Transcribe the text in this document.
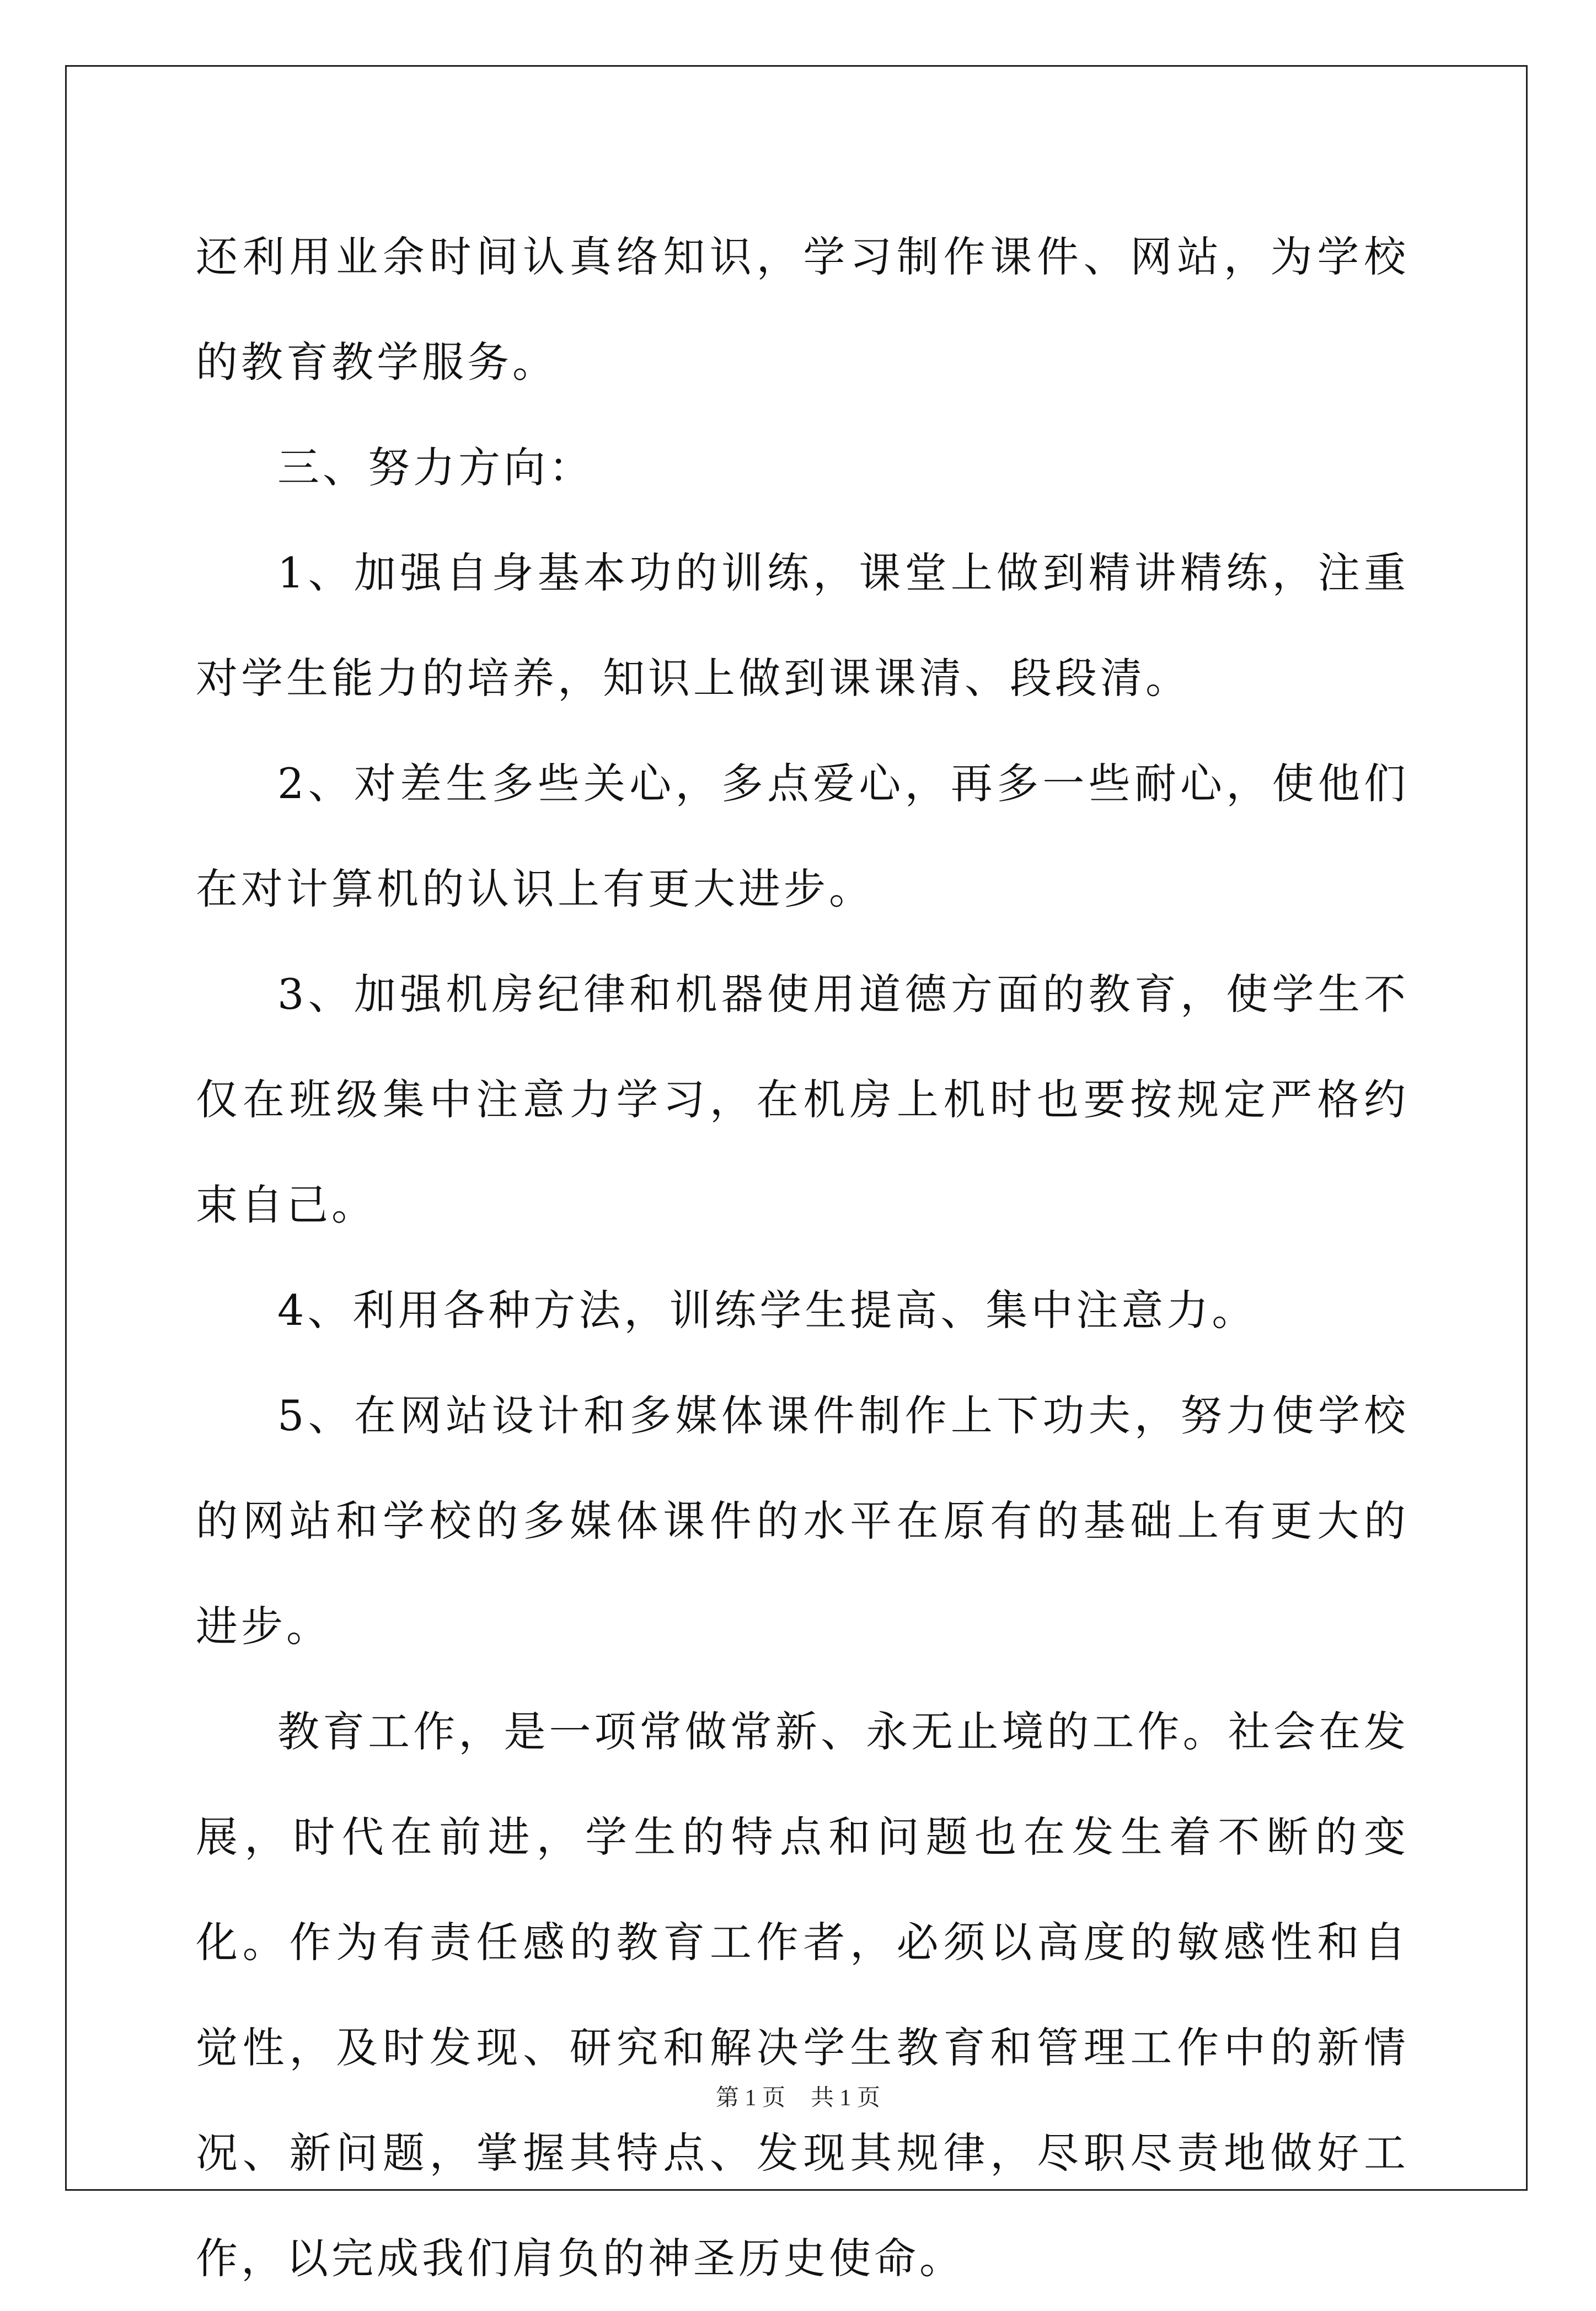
还利用业余时间认真络知识，学习制作课件、网站，为学校的教育教学服务。

三、努力方向：

1、加强自身基本功的训练，课堂上做到精讲精练，注重对学生能力的培养，知识上做到课课清、段段清。

2、对差生多些关心，多点爱心，再多一些耐心，使他们在对计算机的认识上有更大进步。

3、加强机房纪律和机器使用道德方面的教育，使学生不仅在班级集中注意力学习，在机房上机时也要按规定严格约束自己。

4、利用各种方法，训练学生提高、集中注意力。

5、在网站设计和多媒体课件制作上下功夫，努力使学校的网站和学校的多媒体课件的水平在原有的基础上有更大的进步。

教育工作，是一项常做常新、永无止境的工作。社会在发展，时代在前进，学生的特点和问题也在发生着不断的变化。作为有责任感的教育工作者，必须以高度的敏感性和自觉性，及时发现、研究和解决学生教育和管理工作中的新情况、新问题，掌握其特点、发现其规律，尽职尽责地做好工作，以完成我们肩负的神圣历史使命。

第 1 页 共 1 页
